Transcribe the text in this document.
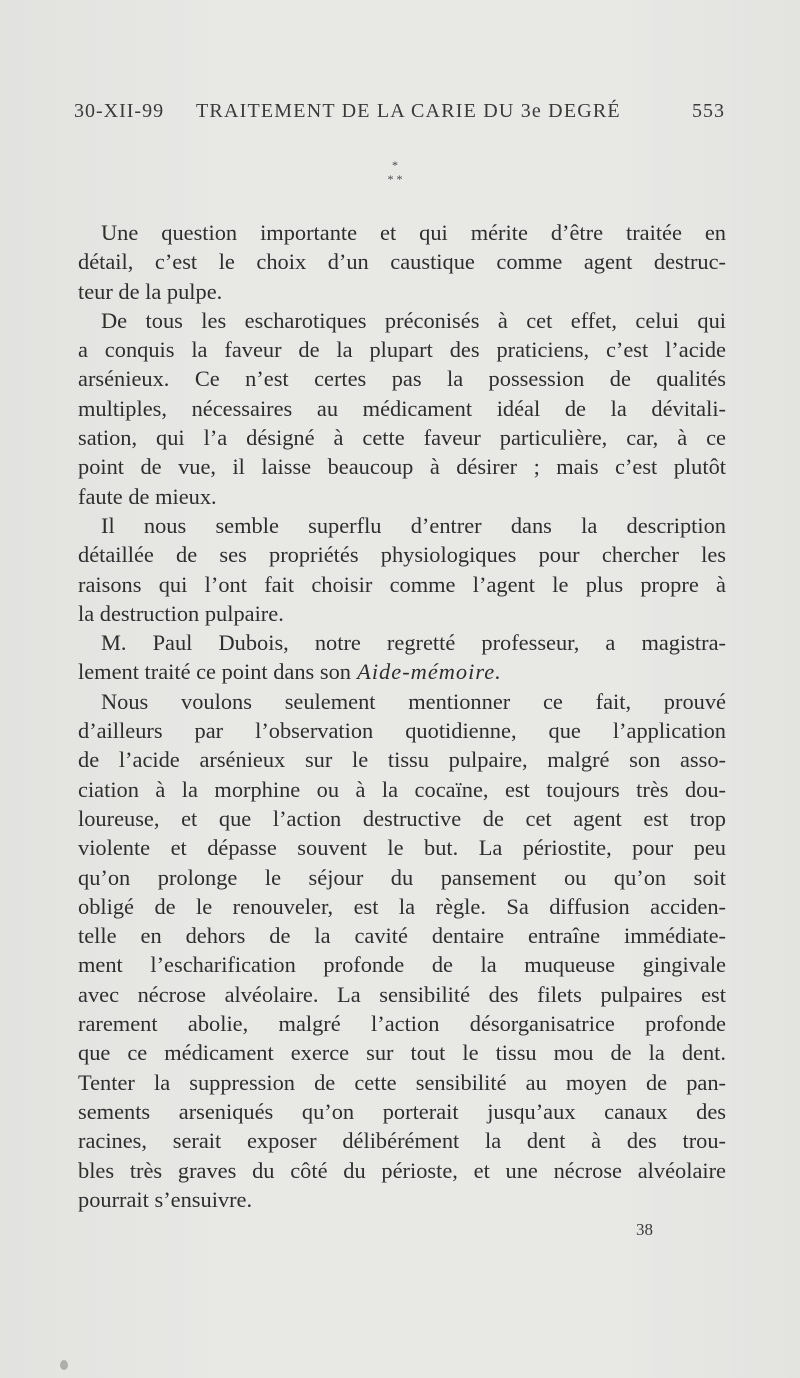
30-XII-99 TRAITEMENT DE LA CARIE DU 3e DEGRÉ	553
*
* *

Une question importante et qui mérite d’être traitée en
détail, c’est le choix d’un caustique comme agent destruc-
teur de la pulpe.

De tous les escharotiques préconisés à cet effet, celui qui
a conquis la faveur de la plupart des praticiens, c’est l’acide
arsénieux. Ce n’est certes pas la possession de qualités
multiples, nécessaires au médicament idéal de la dévitali-
sation, qui l’a désigné à cette faveur particulière, car, à ce
point de vue, il laisse beaucoup à désirer ; mais c’est plutôt
faute de mieux.

Il nous semble superflu d’entrer dans la description
détaillée de ses propriétés physiologiques pour chercher les
raisons qui l’ont fait choisir comme l’agent le plus propre à
la destruction pulpaire.

M. Paul Dubois, notre regretté professeur, a magistra-
lement traité ce point dans son Aide-mémoire.

Nous voulons seulement mentionner ce fait, prouvé
d’ailleurs par l’observation quotidienne, que l’application
de l’acide arsénieux sur le tissu pulpaire, malgré son asso-
ciation à la morphine ou à la cocaïne, est toujours très dou-
loureuse, et que l’action destructive de cet agent est trop
violente et dépasse souvent le but. La périostite, pour peu
qu’on prolonge le séjour du pansement ou qu’on soit
obligé de le renouveler, est la règle. Sa diffusion acciden-
telle en dehors de la cavité dentaire entraîne immédiate-
ment l’escharification profonde de la muqueuse gingivale
avec nécrose alvéolaire. La sensibilité des filets pulpaires est
rarement abolie, malgré l’action désorganisatrice profonde
que ce médicament exerce sur tout le tissu mou de la dent.
Tenter la suppression de cette sensibilité au moyen de pan-
sements arseniqués qu’on porterait jusqu’aux canaux des
racines, serait exposer délibérément la dent à des trou-
bles très graves du côté du périoste, et une nécrose alvéolaire
pourrait s’ensuivre.

38
